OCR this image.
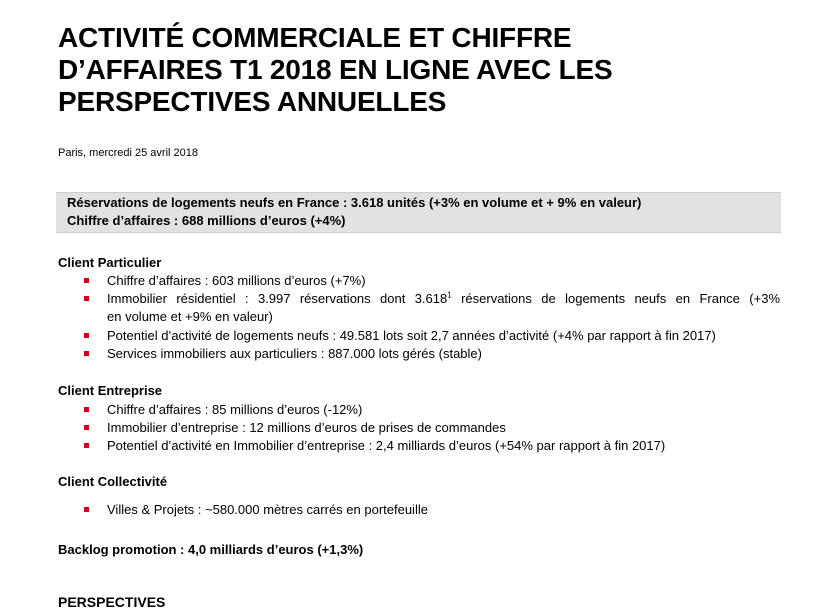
ACTIVITÉ COMMERCIALE ET CHIFFRE
D’AFFAIRES T1 2018 EN LIGNE AVEC LES
PERSPECTIVES ANNUELLES
Paris, mercredi 25 avril 2018
Réservations de logements neufs en France : 3.618 unités (+3% en volume et + 9% en valeur)
Chiffre d’affaires : 688 millions d’euros (+4%)
Client Particulier
Chiffre d’affaires : 603 millions d’euros (+7%)
Immobilier résidentiel : 3.997 réservations dont 3.618$^1$ réservations de logements neufs en France (+3%
en volume et +9% en valeur)
Potentiel d’activité de logements neufs : 49.581 lots soit 2,7 années d’activité (+4% par rapport à fin 2017)
Services immobiliers aux particuliers : 887.000 lots gérés (stable)
Client Entreprise
Chiffre d’affaires : 85 millions d’euros (-12%)
Immobilier d’entreprise : 12 millions d’euros de prises de commandes
Potentiel d’activité en Immobilier d’entreprise : 2,4 milliards d’euros (+54% par rapport à fin 2017)
Client Collectivité
Villes & Projets : ~580.000 mètres carrés en portefeuille
Backlog promotion : 4,0 milliards d’euros (+1,3%)
PERSPECTIVES
